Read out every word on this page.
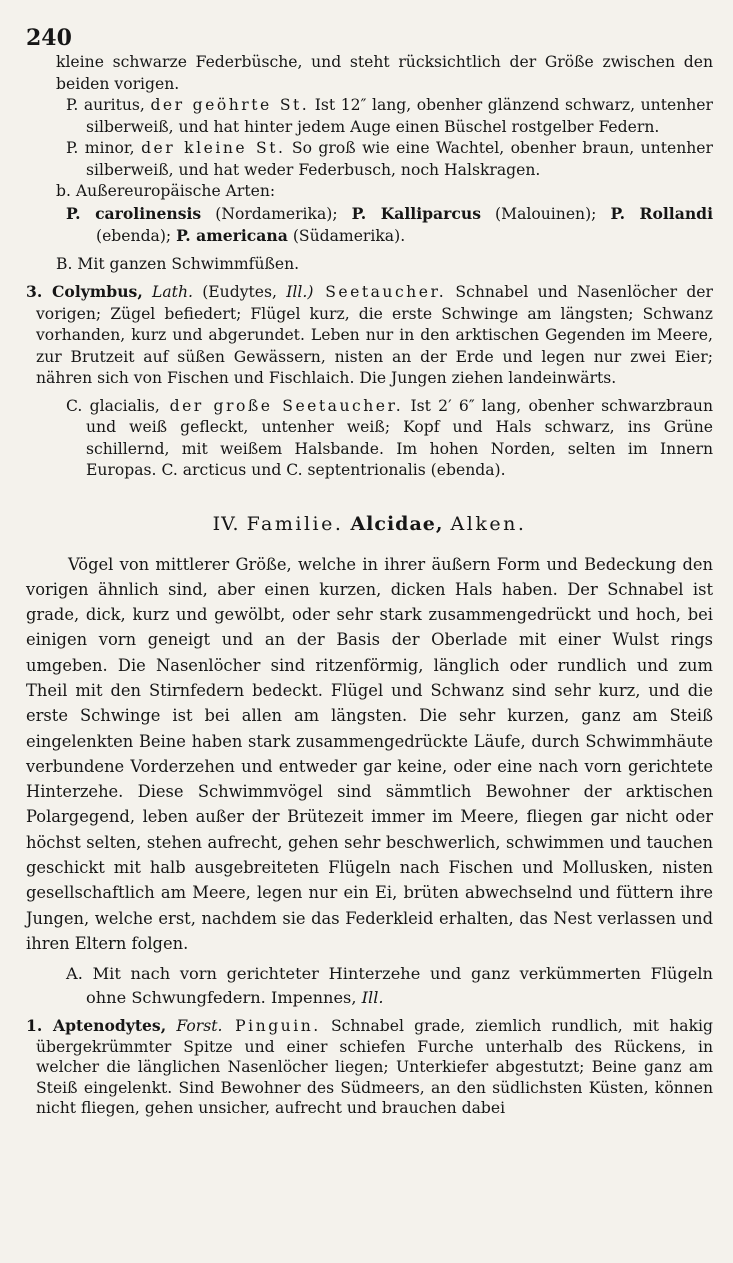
240

kleine schwarze Federbüsche, und steht rücksichtlich der Größe zwischen den beiden vorigen.

P. auritus, der geöhrte St. Ist 12″ lang, obenher glänzend schwarz, untenher silberweiß, und hat hinter jedem Auge einen Büschel rostgelber Federn.

P. minor, der kleine St. So groß wie eine Wachtel, obenher braun, untenher silberweiß, und hat weder Federbusch, noch Halskragen.

b. Außereuropäische Arten:

P. carolinensis (Nordamerika); P. Kalliparcus (Malouinen); P. Rollandi (ebenda); P. americana (Südamerika).

B. Mit ganzen Schwimmfüßen.

3. Colymbus, Lath. (Eudytes, Ill.) Seetaucher. Schnabel und Nasenlöcher der vorigen; Zügel befiedert; Flügel kurz, die erste Schwinge am längsten; Schwanz vorhanden, kurz und abgerundet. Leben nur in den arktischen Gegenden im Meere, zur Brutzeit auf süßen Gewässern, nisten an der Erde und legen nur zwei Eier; nähren sich von Fischen und Fischlaich. Die Jungen ziehen landeinwärts.

C. glacialis, der große Seetaucher. Ist 2′ 6″ lang, obenher schwarzbraun und weiß gefleckt, untenher weiß; Kopf und Hals schwarz, ins Grüne schillernd, mit weißem Halsbande. Im hohen Norden, selten im Innern Europas. C. arcticus und C. septentrionalis (ebenda).

IV. Familie. Alcidae, Alken.

Vögel von mittlerer Größe, welche in ihrer äußern Form und Bedeckung den vorigen ähnlich sind, aber einen kurzen, dicken Hals haben. Der Schnabel ist grade, dick, kurz und gewölbt, oder sehr stark zusammengedrückt und hoch, bei einigen vorn geneigt und an der Basis der Oberlade mit einer Wulst rings umgeben. Die Nasenlöcher sind ritzenförmig, länglich oder rundlich und zum Theil mit den Stirnfedern bedeckt. Flügel und Schwanz sind sehr kurz, und die erste Schwinge ist bei allen am längsten. Die sehr kurzen, ganz am Steiß eingelenkten Beine haben stark zusammengedrückte Läufe, durch Schwimmhäute verbundene Vorderzehen und entweder gar keine, oder eine nach vorn gerichtete Hinterzehe. Diese Schwimmvögel sind sämmtlich Bewohner der arktischen Polargegend, leben außer der Brütezeit immer im Meere, fliegen gar nicht oder höchst selten, stehen aufrecht, gehen sehr beschwerlich, schwimmen und tauchen geschickt mit halb ausgebreiteten Flügeln nach Fischen und Mollusken, nisten gesellschaftlich am Meere, legen nur ein Ei, brüten abwechselnd und füttern ihre Jungen, welche erst, nachdem sie das Federkleid erhalten, das Nest verlassen und ihren Eltern folgen.

A. Mit nach vorn gerichteter Hinterzehe und ganz verkümmerten Flügeln ohne Schwungfedern. Impennes, Ill.

1. Aptenodytes, Forst. Pinguin. Schnabel grade, ziemlich rundlich, mit hakig übergekrümmter Spitze und einer schiefen Furche unterhalb des Rückens, in welcher die länglichen Nasenlöcher liegen; Unterkiefer abgestutzt; Beine ganz am Steiß eingelenkt. Sind Bewohner des Südmeers, an den südlichsten Küsten, können nicht fliegen, gehen unsicher, aufrecht und brauchen dabei
